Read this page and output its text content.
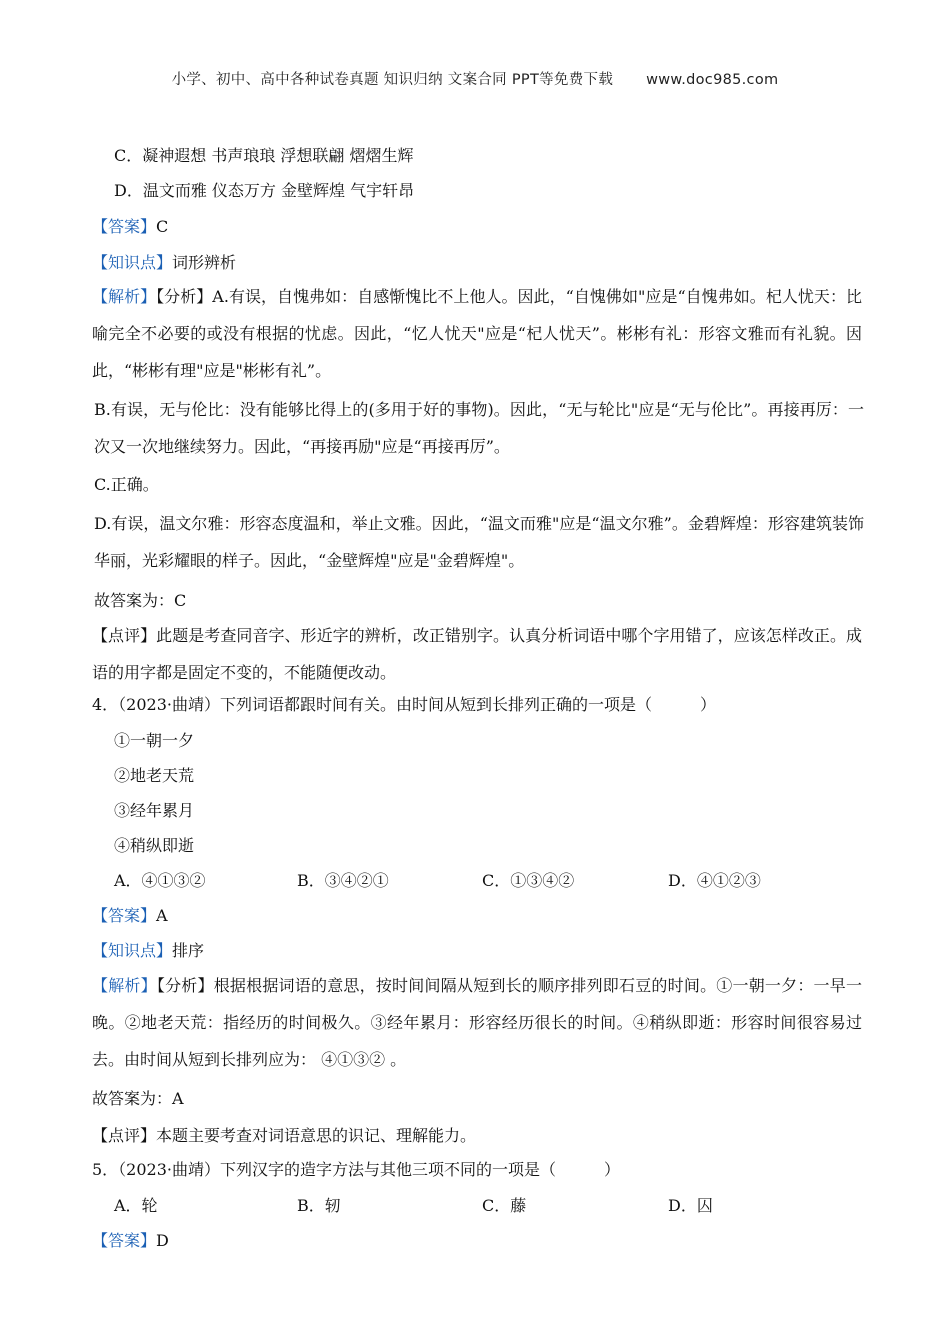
小学、初中、高中各种试卷真题 知识归纳 文案合同 PPT等免费下载 www.doc985.com
C．凝神遐想 书声琅琅 浮想联翩 熠熠生辉
D．温文而雅 仪态万方 金壁辉煌 气宇轩昂
【答案】C
【知识点】词形辨析
【解析】【分析】A.有误，自愧弗如：自感惭愧比不上他人。因此，“自愧佛如"应是“自愧弗如。杞人忧天：比喻完全不必要的或没有根据的忧虑。因此，“忆人忧天"应是“杞人忧天”。彬彬有礼：形容文雅而有礼貌。因此，“彬彬有理"应是"彬彬有礼”。
B.有误，无与伦比：没有能够比得上的(多用于好的事物)。因此，“无与轮比"应是“无与伦比”。再接再厉：一次又一次地继续努力。因此，“再接再励"应是“再接再厉”。
C.正确。
D.有误，温文尔雅：形容态度温和，举止文雅。因此，“温文而雅"应是“温文尔雅”。金碧辉煌：形容建筑装饰华丽，光彩耀眼的样子。因此，“金壁辉煌"应是"金碧辉煌"。
故答案为：C
【点评】此题是考查同音字、形近字的辨析，改正错别字。认真分析词语中哪个字用错了，应该怎样改正。成语的用字都是固定不变的，不能随便改动。
4．（2023·曲靖）下列词语都跟时间有关。由时间从短到长排列正确的一项是（　　　）
①一朝一夕
②地老天荒
③经年累月
④稍纵即逝
A．④①③②	B．③④②①	C．①③④②	D．④①②③
【答案】A
【知识点】排序
【解析】【分析】根据根据词语的意思，按时间间隔从短到长的顺序排列即石豆的时间。①一朝一夕：一早一晚。②地老天荒：指经历的时间极久。③经年累月：形容经历很长的时间。④稍纵即逝：形容时间很容易过去。由时间从短到长排列应为： ④①③② 。
故答案为：A
【点评】本题主要考查对词语意思的识记、理解能力。
5．（2023·曲靖）下列汉字的造字方法与其他三项不同的一项是（　　　）
A．轮	B．轫	C．藤	D．囚
【答案】D
